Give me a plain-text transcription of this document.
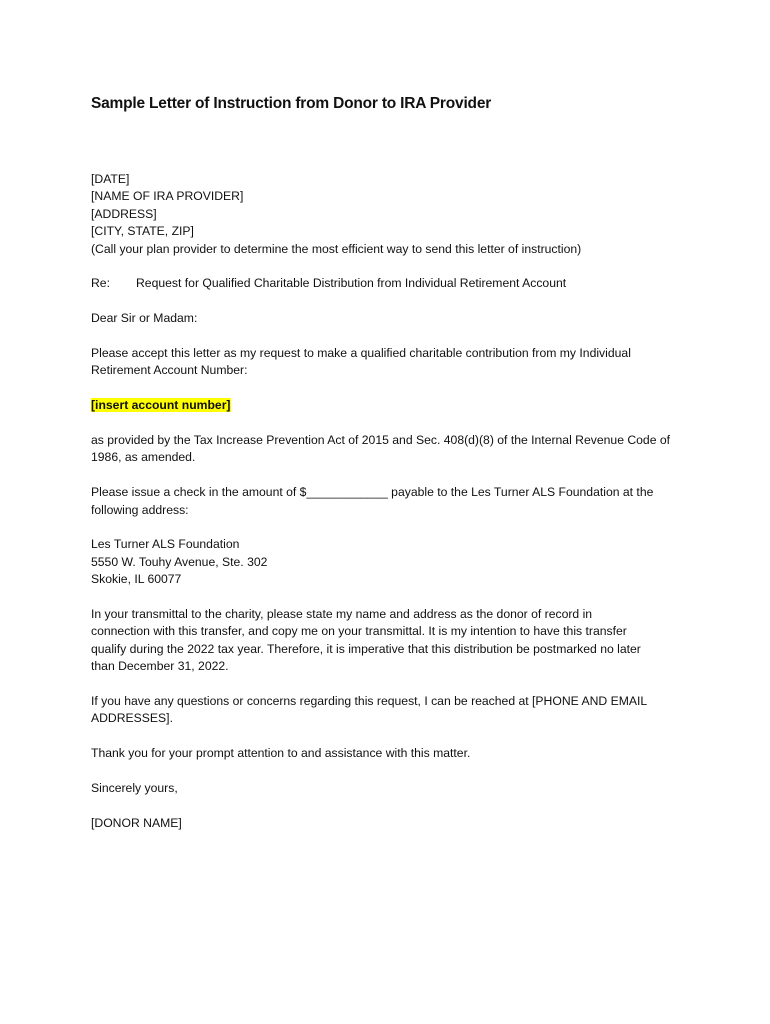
Sample Letter of Instruction from Donor to IRA Provider
[DATE]
[NAME OF IRA PROVIDER]
[ADDRESS]
[CITY, STATE, ZIP]
(Call your plan provider to determine the most efficient way to send this letter of instruction)
Re:	Request for Qualified Charitable Distribution from Individual Retirement Account
Dear Sir or Madam:
Please accept this letter as my request to make a qualified charitable contribution from my Individual
Retirement Account Number:
[insert account number]
as provided by the Tax Increase Prevention Act of 2015 and Sec. 408(d)(8) of the Internal Revenue Code of
1986, as amended.
Please issue a check in the amount of $____________ payable to the Les Turner ALS Foundation at the
following address:
Les Turner ALS Foundation
5550 W. Touhy Avenue, Ste. 302
Skokie, IL 60077
In your transmittal to the charity, please state my name and address as the donor of record in
connection with this transfer, and copy me on your transmittal. It is my intention to have this transfer
qualify during the 2022 tax year. Therefore, it is imperative that this distribution be postmarked no later
than December 31, 2022.
If you have any questions or concerns regarding this request, I can be reached at [PHONE AND EMAIL
ADDRESSES].
Thank you for your prompt attention to and assistance with this matter.
Sincerely yours,
[DONOR NAME]
